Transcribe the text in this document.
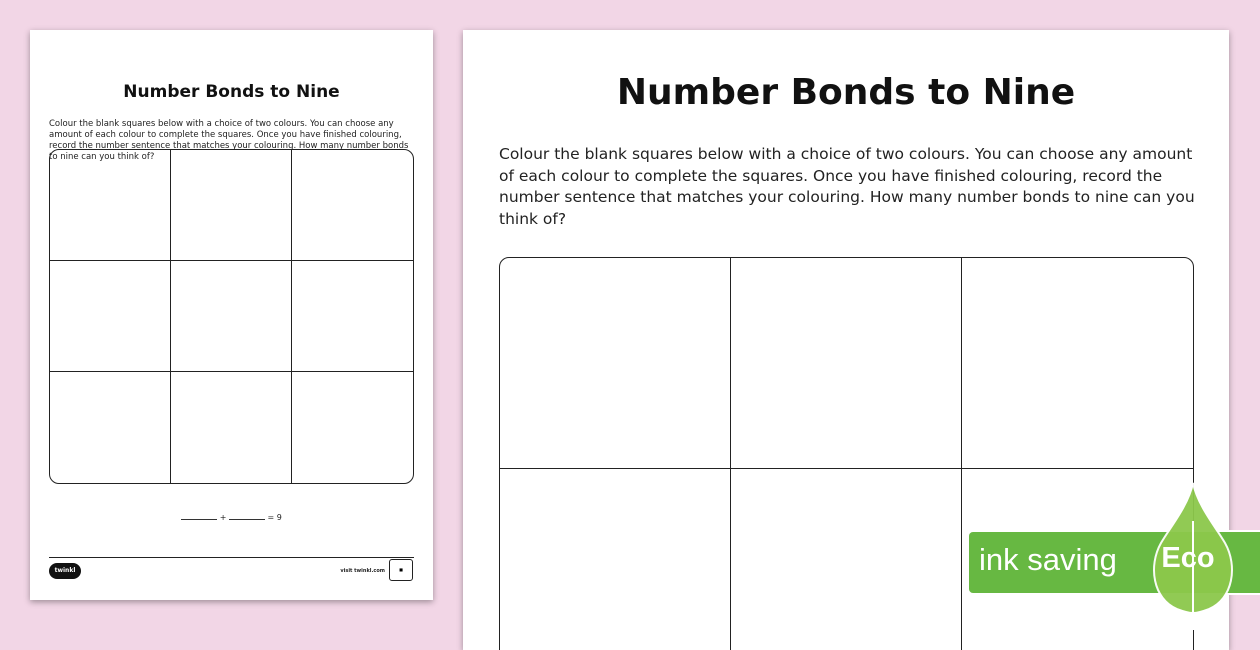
Number Bonds to Nine
Colour the blank squares below with a choice of two colours. You can choose any amount of each colour to complete the squares. Once you have finished colouring, record the number sentence that matches your colouring. How many number bonds to nine can you think of?
+	= 9
twinkl	visit twinkl.com	■
Number Bonds to Nine
Colour the blank squares below with a choice of two colours. You can choose any amount of each colour to complete the squares. Once you have finished colouring, record the number sentence that matches your colouring. How many number bonds to nine can you think of?
ink saving Eco
